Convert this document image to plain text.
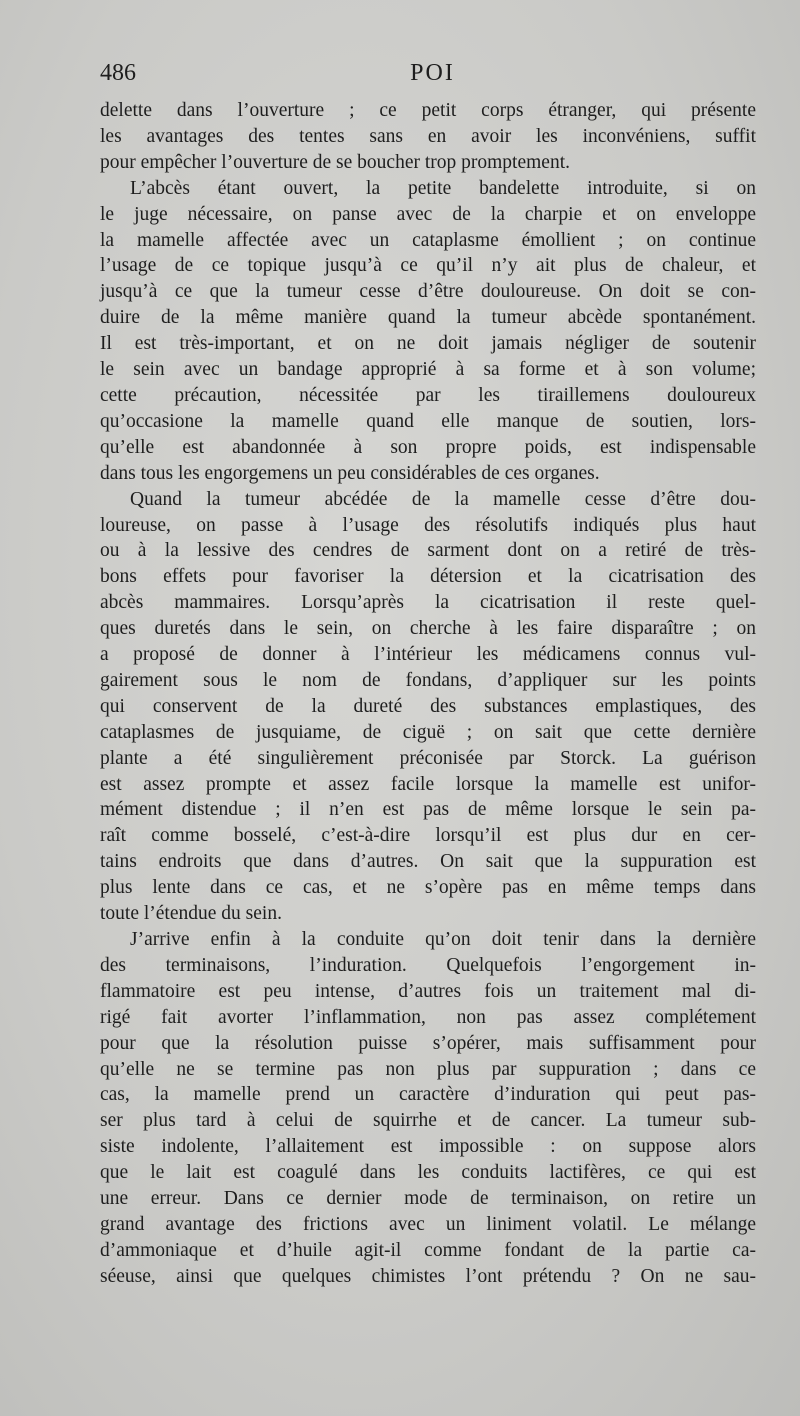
486	POI
delette dans l’ouverture ; ce petit corps étranger, qui présente
les avantages des tentes sans en avoir les inconvéniens, suffit
pour empêcher l’ouverture de se boucher trop promptement.
L’abcès étant ouvert, la petite bandelette introduite, si on
le juge nécessaire, on panse avec de la charpie et on enveloppe
la mamelle affectée avec un cataplasme émollient ; on continue
l’usage de ce topique jusqu’à ce qu’il n’y ait plus de chaleur, et
jusqu’à ce que la tumeur cesse d’être douloureuse. On doit se con-
duire de la même manière quand la tumeur abcède spontanément.
Il est très-important, et on ne doit jamais négliger de soutenir
le sein avec un bandage approprié à sa forme et à son volume;
cette précaution, nécessitée par les tiraillemens douloureux
qu’occasione la mamelle quand elle manque de soutien, lors-
qu’elle est abandonnée à son propre poids, est indispensable
dans tous les engorgemens un peu considérables de ces organes.
Quand la tumeur abcédée de la mamelle cesse d’être dou-
loureuse, on passe à l’usage des résolutifs indiqués plus haut
ou à la lessive des cendres de sarment dont on a retiré de très-
bons effets pour favoriser la détersion et la cicatrisation des
abcès mammaires. Lorsqu’après la cicatrisation il reste quel-
ques duretés dans le sein, on cherche à les faire disparaître ; on
a proposé de donner à l’intérieur les médicamens connus vul-
gairement sous le nom de fondans, d’appliquer sur les points
qui conservent de la dureté des substances emplastiques, des
cataplasmes de jusquiame, de ciguë ; on sait que cette dernière
plante a été singulièrement préconisée par Storck. La guérison
est assez prompte et assez facile lorsque la mamelle est unifor-
mément distendue ; il n’en est pas de même lorsque le sein pa-
raît comme bosselé, c’est-à-dire lorsqu’il est plus dur en cer-
tains endroits que dans d’autres. On sait que la suppuration est
plus lente dans ce cas, et ne s’opère pas en même temps dans
toute l’étendue du sein.
J’arrive enfin à la conduite qu’on doit tenir dans la dernière
des terminaisons, l’induration. Quelquefois l’engorgement in-
flammatoire est peu intense, d’autres fois un traitement mal di-
rigé fait avorter l’inflammation, non pas assez complétement
pour que la résolution puisse s’opérer, mais suffisamment pour
qu’elle ne se termine pas non plus par suppuration ; dans ce
cas, la mamelle prend un caractère d’induration qui peut pas-
ser plus tard à celui de squirrhe et de cancer. La tumeur sub-
siste indolente, l’allaitement est impossible : on suppose alors
que le lait est coagulé dans les conduits lactifères, ce qui est
une erreur. Dans ce dernier mode de terminaison, on retire un
grand avantage des frictions avec un liniment volatil. Le mélange
d’ammoniaque et d’huile agit-il comme fondant de la partie ca-
séeuse, ainsi que quelques chimistes l’ont prétendu ? On ne sau-
